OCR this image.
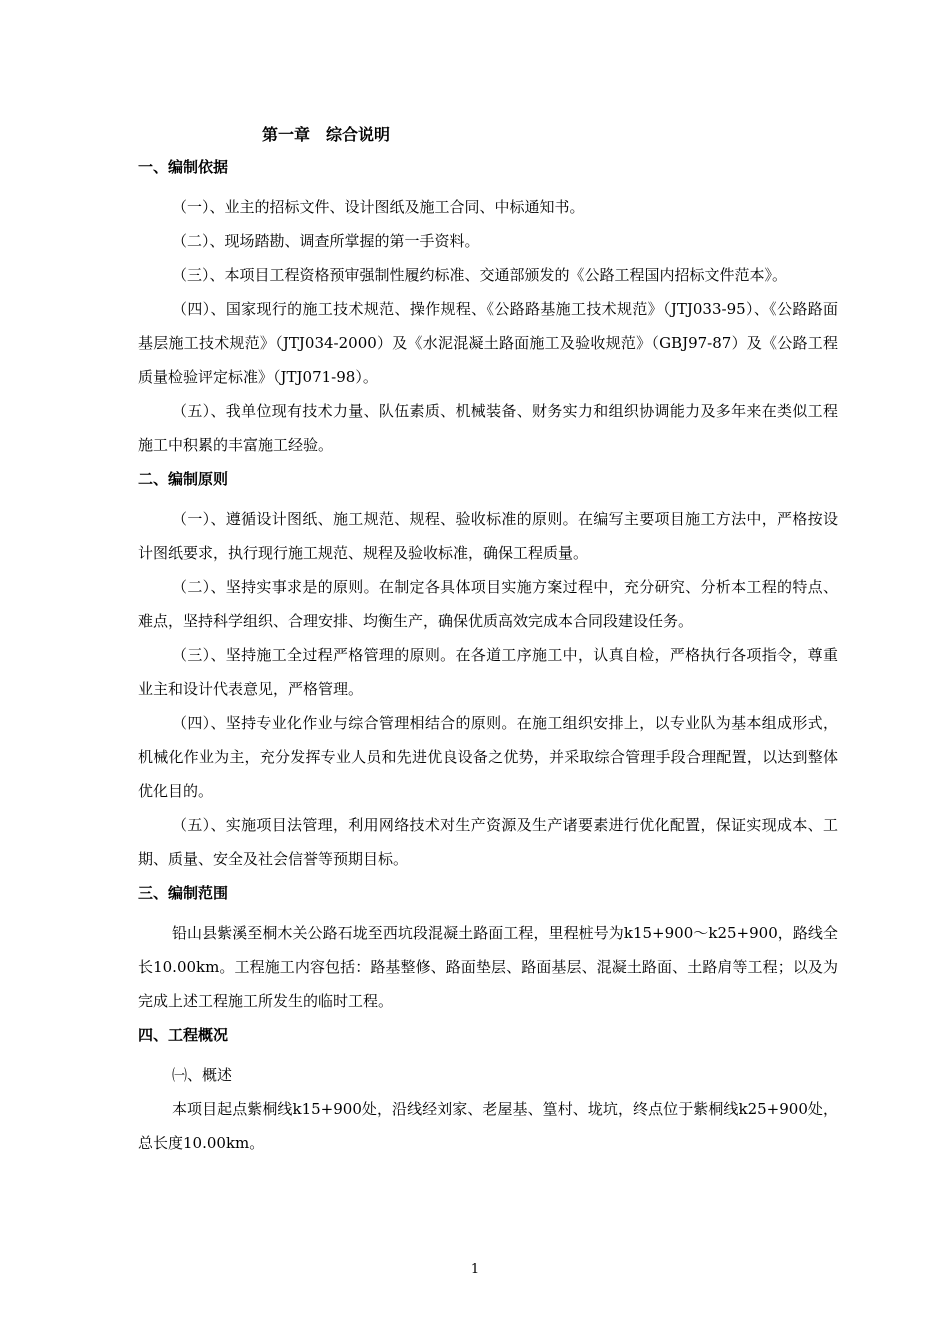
第一章　综合说明
一、编制依据

（一）、业主的招标文件、设计图纸及施工合同、中标通知书。

（二）、现场踏勘、调查所掌握的第一手资料。

（三）、本项目工程资格预审强制性履约标准、交通部颁发的《公路工程国内招标文件范本》。

（四）、国家现行的施工技术规范、操作规程、《公路路基施工技术规范》（JTJ033-95）、《公路路面基层施工技术规范》（JTJ034-2000）及《水泥混凝土路面施工及验收规范》（GBJ97-87）及《公路工程质量检验评定标准》（JTJ071-98）。

（五）、我单位现有技术力量、队伍素质、机械装备、财务实力和组织协调能力及多年来在类似工程施工中积累的丰富施工经验。

二、编制原则

（一）、遵循设计图纸、施工规范、规程、验收标准的原则。在编写主要项目施工方法中，严格按设计图纸要求，执行现行施工规范、规程及验收标准，确保工程质量。

（二）、坚持实事求是的原则。在制定各具体项目实施方案过程中，充分研究、分析本工程的特点、难点，坚持科学组织、合理安排、均衡生产，确保优质高效完成本合同段建设任务。

（三）、坚持施工全过程严格管理的原则。在各道工序施工中，认真自检，严格执行各项指令，尊重业主和设计代表意见，严格管理。

（四）、坚持专业化作业与综合管理相结合的原则。在施工组织安排上，以专业队为基本组成形式，机械化作业为主，充分发挥专业人员和先进优良设备之优势，并采取综合管理手段合理配置，以达到整体优化目的。

（五）、实施项目法管理，利用网络技术对生产资源及生产诸要素进行优化配置，保证实现成本、工期、质量、安全及社会信誉等预期目标。

三、编制范围

铅山县紫溪至桐木关公路石垅至西坑段混凝土路面工程，里程桩号为k15+900～k25+900，路线全长10.00km。工程施工内容包括：路基整修、路面垫层、路面基层、混凝土路面、土路肩等工程；以及为完成上述工程施工所发生的临时工程。

四、工程概况

㈠、概述

本项目起点紫桐线k15+900处，沿线经刘家、老屋基、篁村、垅坑，终点位于紫桐线k25+900处，总长度10.00km。

1
